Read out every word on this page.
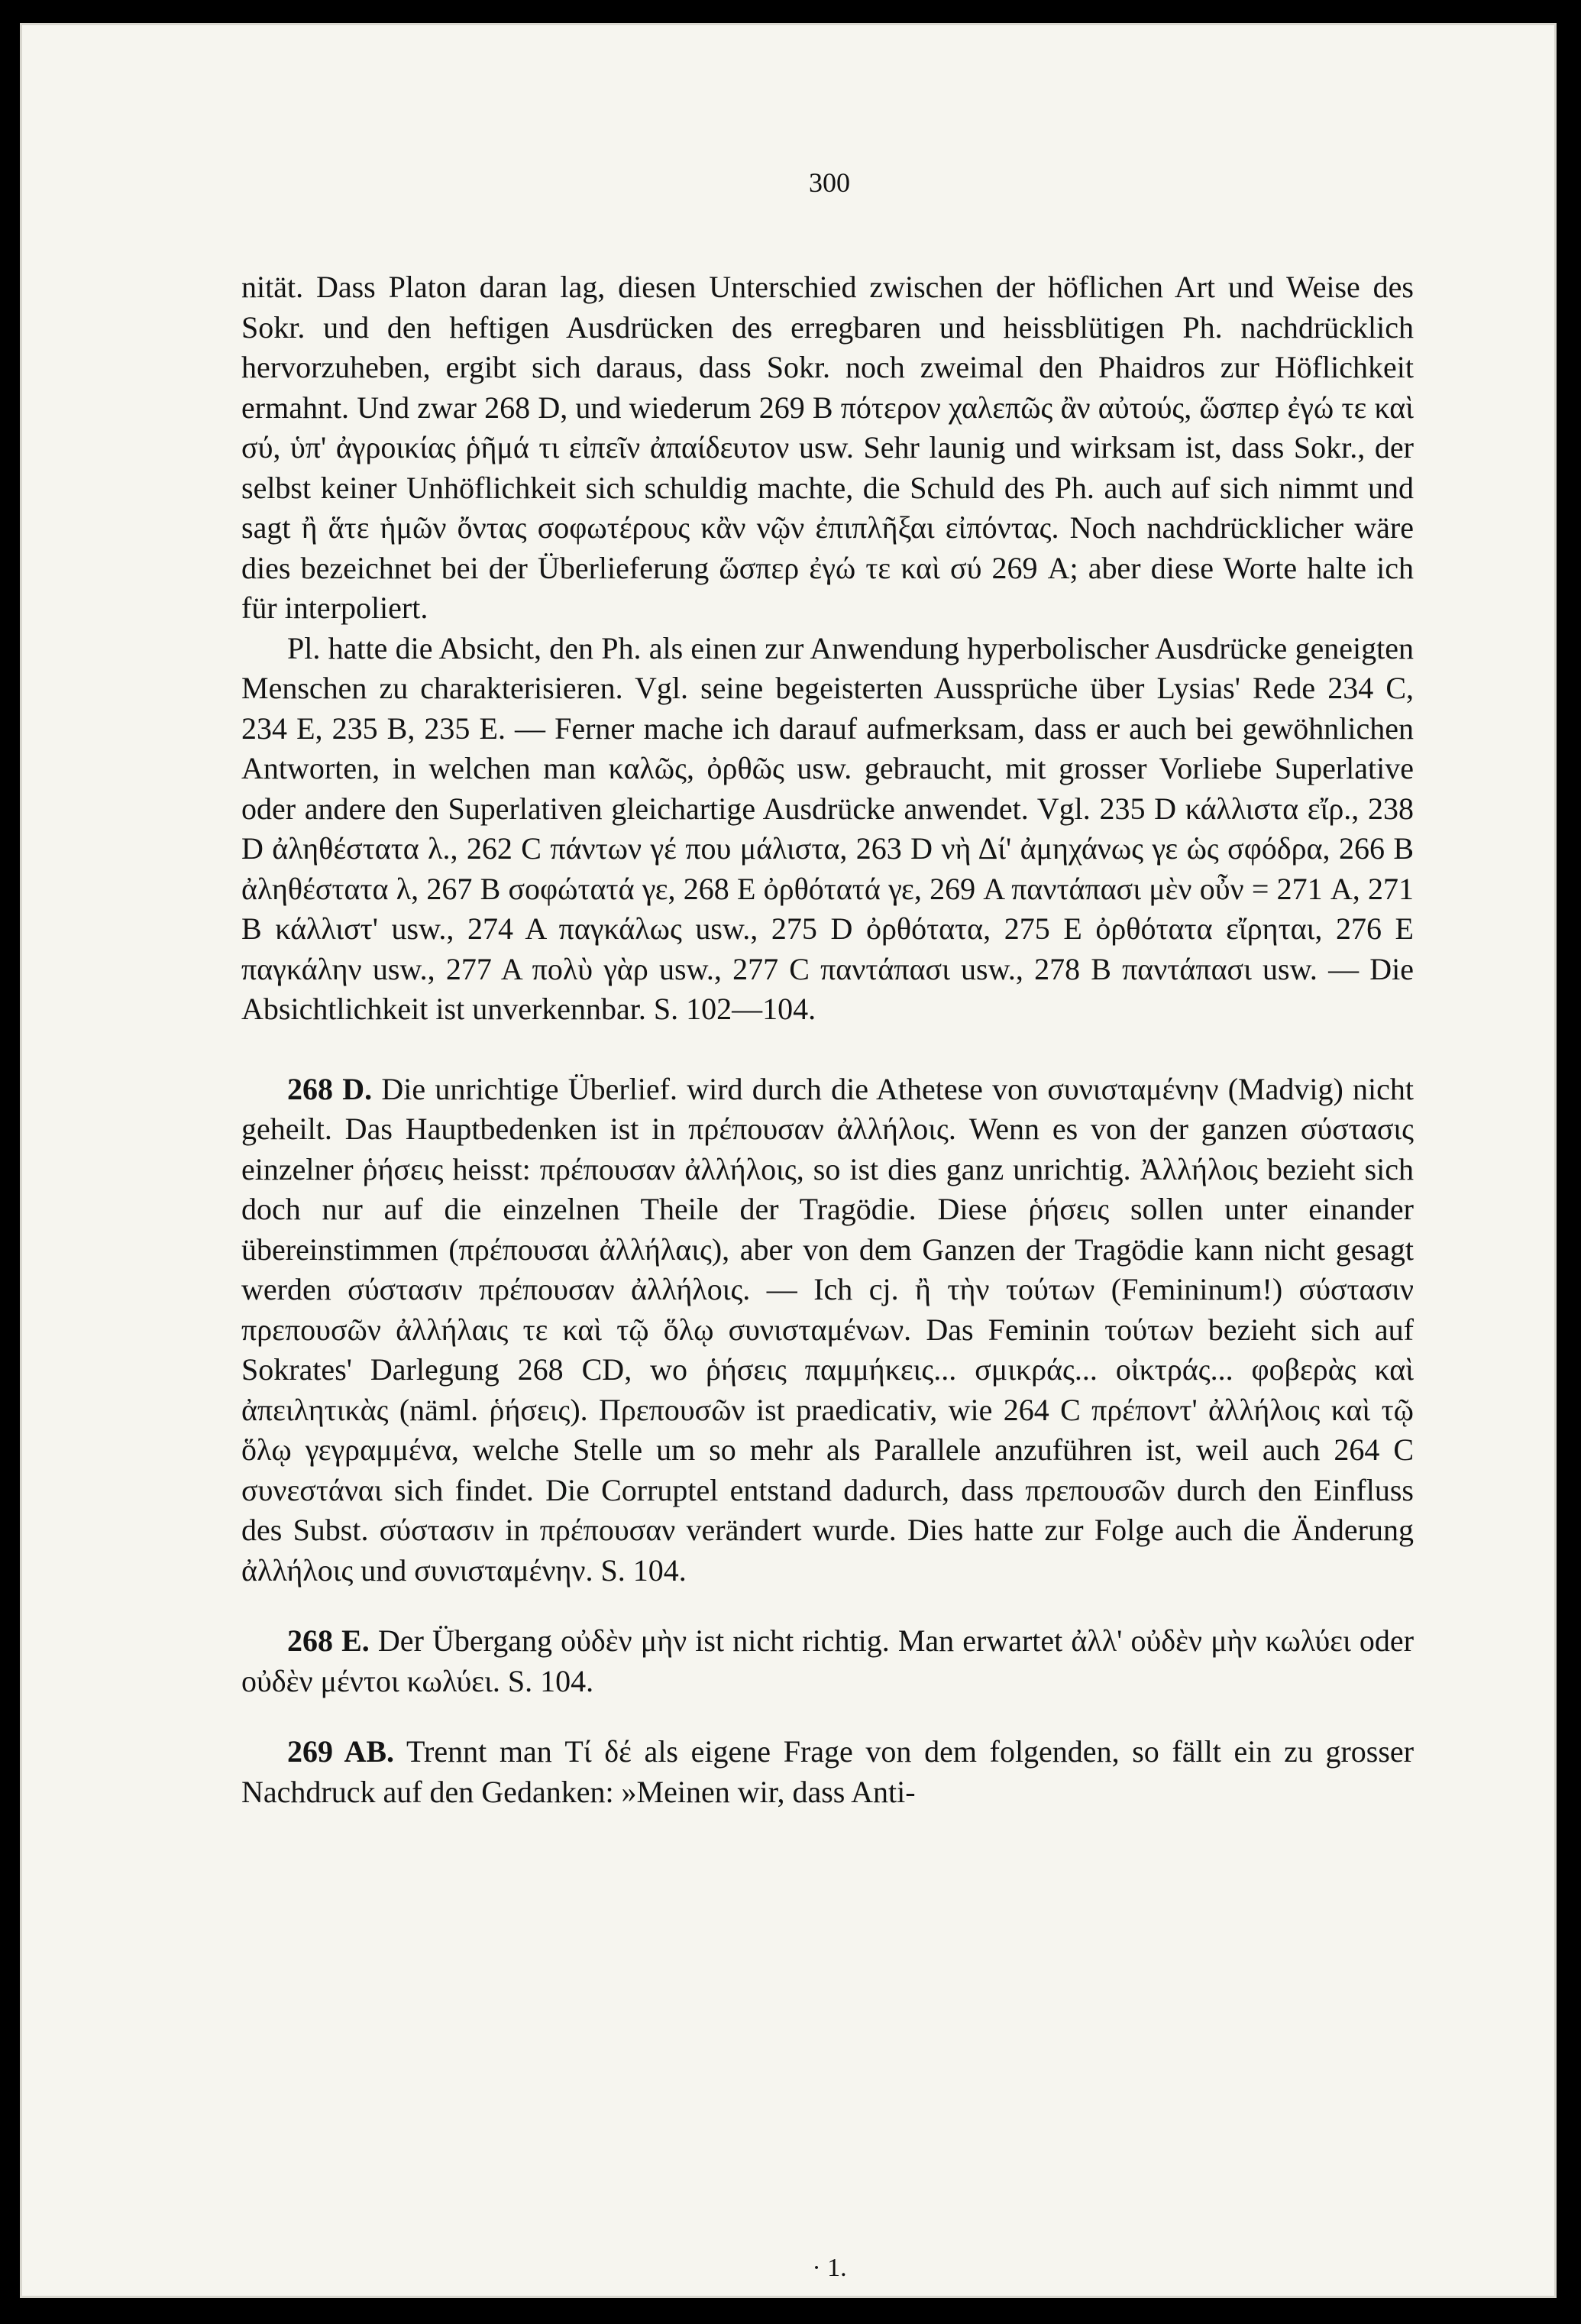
300

nität. Dass Platon daran lag, diesen Unterschied zwischen der höflichen Art und Weise des Sokr. und den heftigen Ausdrücken des erregbaren und heissblütigen Ph. nachdrücklich hervorzuheben, ergibt sich daraus, dass Sokr. noch zweimal den Phaidros zur Höflichkeit ermahnt. Und zwar 268 D, und wiederum 269 B πότερον χαλεπῶς ἂν αὐτούς, ὥσπερ ἐγώ τε καὶ σύ, ὑπ' ἀγροικίας ῥῆμά τι εἰπεῖν ἀπαίδευτον usw. Sehr launig und wirksam ist, dass Sokr., der selbst keiner Unhöflichkeit sich schuldig machte, die Schuld des Ph. auch auf sich nimmt und sagt ἢ ἅτε ἡμῶν ὄντας σοφωτέρους κἂν νῷν ἐπιπλῆξαι εἰπόντας. Noch nachdrücklicher wäre dies bezeichnet bei der Überlieferung ὥσπερ ἐγώ τε καὶ σύ 269 A; aber diese Worte halte ich für interpoliert.

Pl. hatte die Absicht, den Ph. als einen zur Anwendung hyperbolischer Ausdrücke geneigten Menschen zu charakterisieren. Vgl. seine begeisterten Aussprüche über Lysias' Rede 234 C, 234 E, 235 B, 235 E. — Ferner mache ich darauf aufmerksam, dass er auch bei gewöhnlichen Antworten, in welchen man καλῶς, ὀρθῶς usw. gebraucht, mit grosser Vorliebe Superlative oder andere den Superlativen gleichartige Ausdrücke anwendet. Vgl. 235 D κάλλιστα εἴρ., 238 D ἀληθέστατα λ., 262 C πάντων γέ που μάλιστα, 263 D νὴ Δί' ἀμηχάνως γε ὡς σφόδρα, 266 B ἀληθέστατα λ, 267 B σοφώτατά γε, 268 E ὀρθότατά γε, 269 A παντάπασι μὲν οὖν = 271 A, 271 B κάλλιστ' usw., 274 A παγκάλως usw., 275 D ὀρθότατα, 275 E ὀρθότατα εἴρηται, 276 E παγκάλην usw., 277 A πολὺ γὰρ usw., 277 C παντάπασι usw., 278 B παντάπασι usw. — Die Absichtlichkeit ist unverkennbar. S. 102—104.

268 D. Die unrichtige Überlief. wird durch die Athetese von συνισταμένην (Madvig) nicht geheilt. Das Hauptbedenken ist in πρέπουσαν ἀλλήλοις. Wenn es von der ganzen σύστασις einzelner ῥήσεις heisst: πρέπουσαν ἀλλήλοις, so ist dies ganz unrichtig. Ἀλλήλοις bezieht sich doch nur auf die einzelnen Theile der Tragödie. Diese ῥήσεις sollen unter einander übereinstimmen (πρέπουσαι ἀλλήλαις), aber von dem Ganzen der Tragödie kann nicht gesagt werden σύστασιν πρέπουσαν ἀλλήλοις. — Ich cj. ἢ τὴν τούτων (Femininum!) σύστασιν πρεπουσῶν ἀλλήλαις τε καὶ τῷ ὅλῳ συνισταμένων. Das Feminin τούτων bezieht sich auf Sokrates' Darlegung 268 CD, wo ῥήσεις παμμήκεις... σμικράς... οἰκτράς... φοβερὰς καὶ ἀπειλητικὰς (näml. ῥήσεις). Πρεπουσῶν ist praedicativ, wie 264 C πρέποντ' ἀλλήλοις καὶ τῷ ὅλῳ γεγραμμένα, welche Stelle um so mehr als Parallele anzuführen ist, weil auch 264 C συνεστάναι sich findet. Die Corruptel entstand dadurch, dass πρεπουσῶν durch den Einfluss des Subst. σύστασιν in πρέπουσαν verändert wurde. Dies hatte zur Folge auch die Änderung ἀλλήλοις und συνισταμένην. S. 104.

268 E. Der Übergang οὐδὲν μὴν ist nicht richtig. Man erwartet ἀλλ' οὐδὲν μὴν κωλύει oder οὐδὲν μέντοι κωλύει. S. 104.

269 AB. Trennt man Τί δέ als eigene Frage von dem folgenden, so fällt ein zu grosser Nachdruck auf den Gedanken: »Meinen wir, dass Anti-

· 1.
